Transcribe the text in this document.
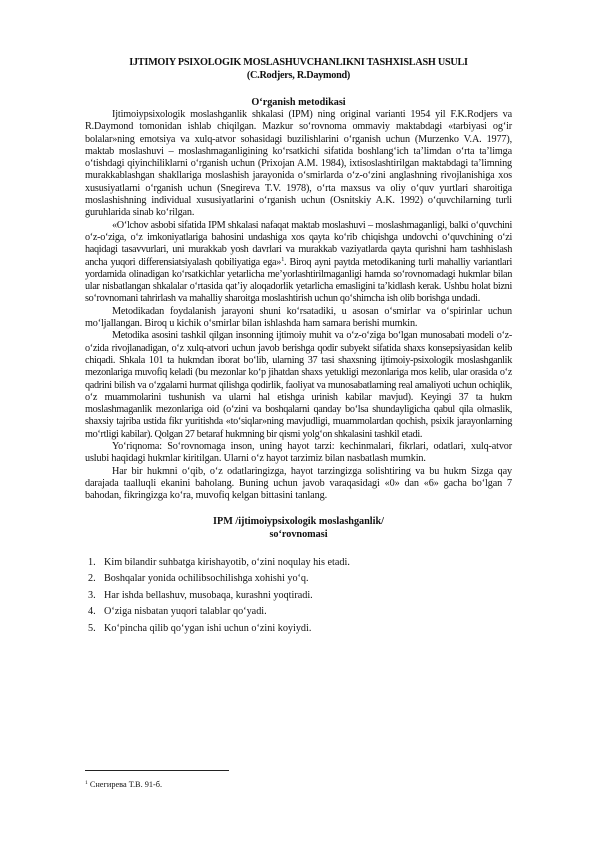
IJTIMOIY PSIXOLOGIK MOSLASHUVCHANLIKNI TASHXISLASH USULI
(C.Rodjers, R.Daymond)
O‘rganish metodikasi

Ijtimoiypsixologik moslashganlik shkalasi (IPM) ning original varianti 1954 yil F.K.Rodjers va R.Daymond tomonidan ishlab chiqilgan. Mazkur so‘rovnoma ommaviy maktabdagi «tarbiyasi og‘ir bolalar»ning emotsiya va xulq-atvor sohasidagi buzilishlarini o‘rganish uchun (Murzenko V.A. 1977), maktab moslashuvi – moslashmaganligining ko‘rsatkichi sifatida boshlang‘ich ta’limdan o‘rta ta’limga o‘tishdagi qiyinchiliklarni o‘rganish uchun (Prixojan A.M. 1984), ixtisoslashtirilgan maktabdagi ta’limning murakkablashgan shakllariga moslashish jarayonida o‘smirlarda o‘z-o‘zini anglashning rivojlanishiga xos xususiyatlarni o‘rganish uchun (Snegireva T.V. 1978), o‘rta maxsus va oliy o‘quv yurtlari sharoitiga moslashishning individual xususiyatlarini o‘rganish uchun (Osnitskiy A.K. 1992) o‘quvchilarning turli guruhlarida sinab ko‘rilgan.

«O‘lchov asbobi sifatida IPM shkalasi nafaqat maktab moslashuvi – moslashmaganligi, balki o‘quvchini o‘z-o‘ziga, o‘z imkoniyatlariga bahosini undashiga xos qayta ko‘rib chiqishga undovchi o‘quvchining o‘zi haqidagi tasavvurlari, uni murakkab yosh davrlari va murakkab vaziyatlarda qayta qurishni ham tashhislash ancha yuqori differensiatsiyalash qobiliyatiga ega»$^1$. Biroq ayni paytda metodikaning turli mahalliy variantlari yordamida olinadigan ko‘rsatkichlar yetarlicha me’yorlashtirilmaganligi hamda so‘rovnomadagi hukmlar bilan ular nisbatlangan shkalalar o‘rtasida qat’iy aloqadorlik yetarlicha emasligini ta’kidlash kerak. Ushbu holat bizni so‘rovnomani tahrirlash va mahalliy sharoitga moslashtirish uchun qo‘shimcha ish olib borishga undadi.

Metodikadan foydalanish jarayoni shuni ko‘rsatadiki, u asosan o‘smirlar va o‘spirinlar uchun mo‘ljallangan. Biroq u kichik o‘smirlar bilan ishlashda ham samara berishi mumkin.

Metodika asosini tashkil qilgan insonning ijtimoiy muhit va o‘z-o‘ziga bo‘lgan munosabati modeli o‘z-o‘zida rivojlanadigan, o‘z xulq-atvori uchun javob berishga qodir subyekt sifatida shaxs konsepsiyasidan kelib chiqadi. Shkala 101 ta hukmdan iborat bo‘lib, ularning 37 tasi shaxsning ijtimoiy-psixologik moslashganlik mezonlariga muvofiq keladi (bu mezonlar ko‘p jihatdan shaxs yetukligi mezonlariga mos kelib, ular orasida o‘z qadrini bilish va o‘zgalarni hurmat qilishga qodirlik, faoliyat va munosabatlarning real amaliyoti uchun ochiqlik, o‘z muammolarini tushunish va ularni hal etishga urinish kabilar mavjud). Keyingi 37 ta hukm moslashmaganlik mezonlariga oid (o‘zini va boshqalarni qanday bo‘lsa shundayligicha qabul qila olmaslik, shaxsiy tajriba ustida fikr yuritishda «to‘siqlar»ning mavjudligi, muammolardan qochish, psixik jarayonlarning mo‘rtligi kabilar). Qolgan 27 betaraf hukmning bir qismi yolg‘on shkalasini tashkil etadi.

Yo‘riqnoma: So‘rovnomaga inson, uning hayot tarzi: kechinmalari, fikrlari, odatlari, xulq-atvor uslubi haqidagi hukmlar kiritilgan. Ularni o‘z hayot tarzimiz bilan nasbatlash mumkin.

Har bir hukmni o‘qib, o‘z odatlaringizga, hayot tarzingizga solishtiring va bu hukm Sizga qay darajada taalluqli ekanini baholang. Buning uchun javob varaqasidagi «0» dan «6» gacha bo‘lgan 7 bahodan, fikringizga ko‘ra, muvofiq kelgan bittasini tanlang.

IPM /ijtimoiypsixologik moslashganlik/
so‘rovnomasi
1. Kim bilandir suhbatga kirishayotib, o‘zini noqulay his etadi.
2. Boshqalar yonida ochilibsochilishga xohishi yo‘q.
3. Har ishda bellashuv, musobaqa, kurashni yoqtiradi.
4. O‘ziga nisbatan yuqori talablar qo‘yadi.
5. Ko‘pincha qilib qo‘ygan ishi uchun o‘zini koyiydi.
$^1$ Снегирева Т.В. 91-б.
